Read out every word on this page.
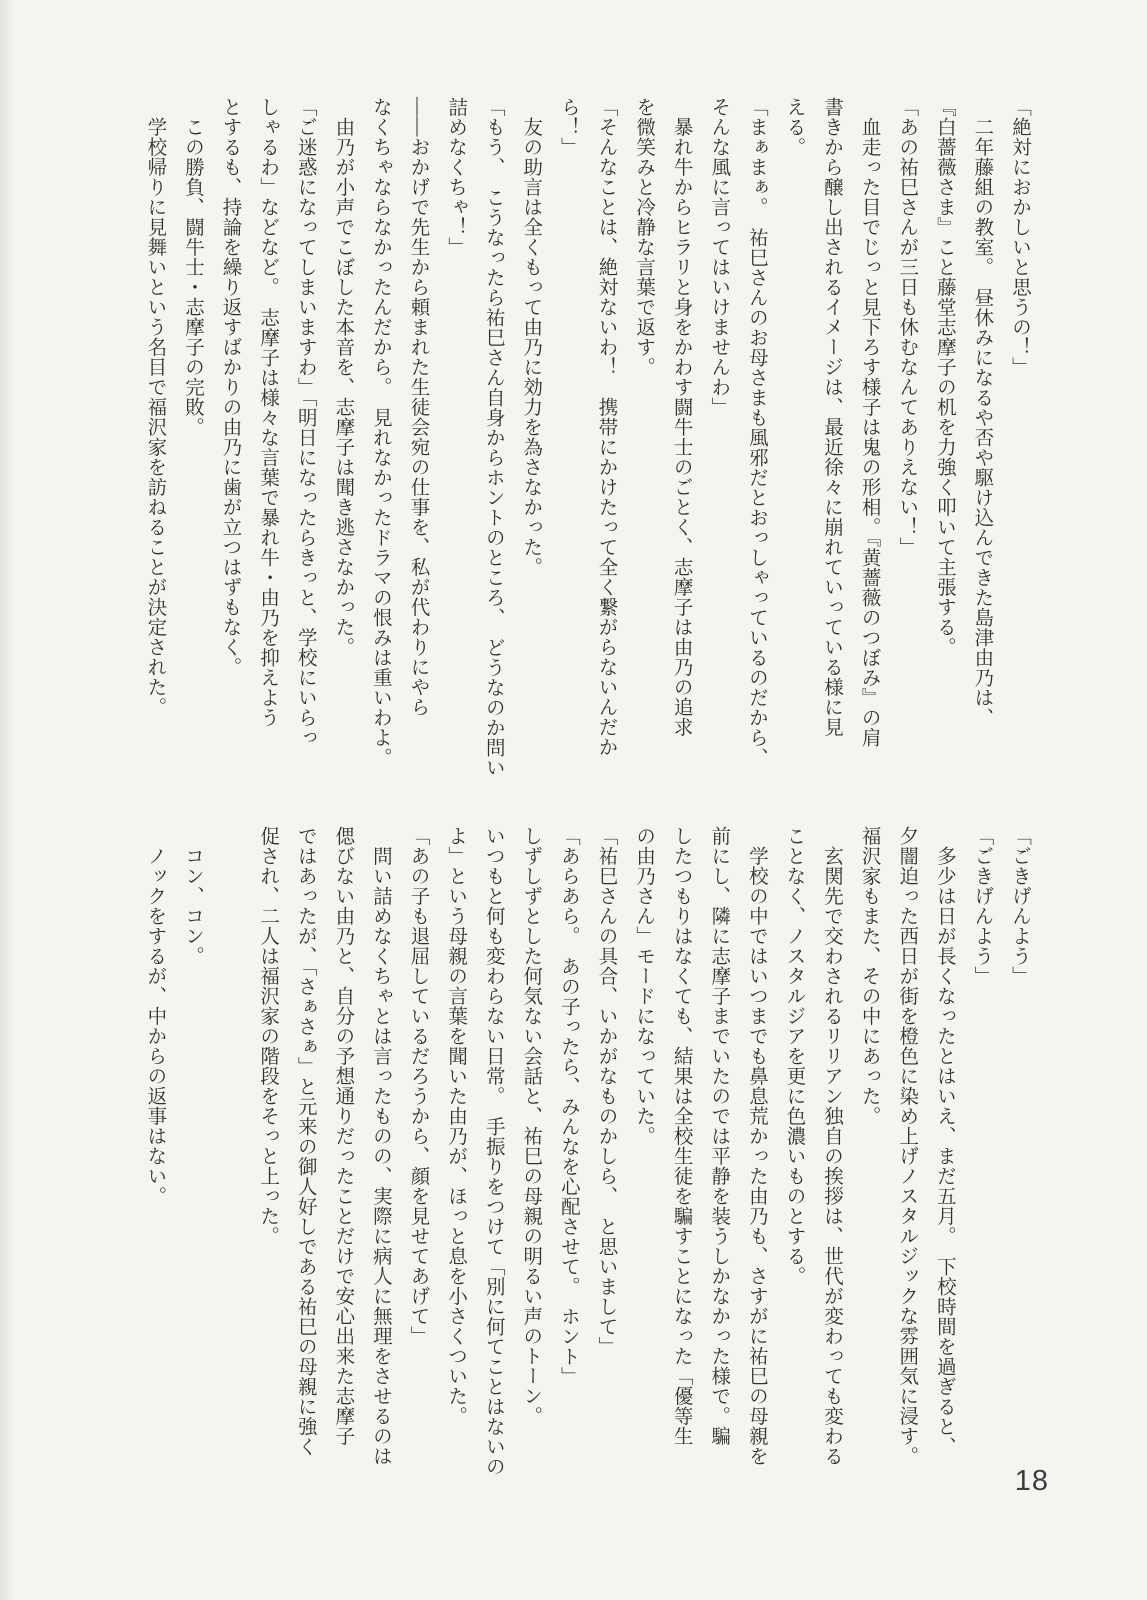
「絶対におかしいと思うの！」
　二年藤組の教室。　昼休みになるや否や駆け込んできた島津由乃は、
『白薔薇さま』こと藤堂志摩子の机を力強く叩いて主張する。
「あの祐巳さんが三日も休むなんてありえない！」
　血走った目でじっと見下ろす様子は鬼の形相。『黄薔薇のつぼみ』の肩
書きから醸し出されるイメージは、最近徐々に崩れていっている様に見
える。
「まぁまぁ。　祐巳さんのお母さまも風邪だとおっしゃっているのだから、
そんな風に言ってはいけませんわ」
　暴れ牛からヒラリと身をかわす闘牛士のごとく、志摩子は由乃の追求
を微笑みと冷静な言葉で返す。
「そんなことは、絶対ないわ！　携帯にかけたって全く繋がらないんだか
ら！」
　友の助言は全くもって由乃に効力を為さなかった。
「もう、　こうなったら祐巳さん自身からホントのところ、　どうなのか問い
詰めなくちゃ！」
――おかげで先生から頼まれた生徒会宛の仕事を、私が代わりにやら
なくちゃならなかったんだから。　見れなかったドラマの恨みは重いわよ。
　由乃が小声でこぼした本音を、志摩子は聞き逃さなかった。
「ご迷惑になってしまいますわ」「明日になったらきっと、学校にいらっ
しゃるわ」などなど。　志摩子は様々な言葉で暴れ牛・由乃を抑えよう
とするも、持論を繰り返すばかりの由乃に歯が立つはずもなく。
　この勝負、闘牛士・志摩子の完敗。
　学校帰りに見舞いという名目で福沢家を訪ねることが決定された。
「ごきげんよう」
「ごきげんよう」
　多少は日が長くなったとはいえ、まだ五月。　下校時間を過ぎると、
夕闇迫った西日が街を橙色に染め上げノスタルジックな雰囲気に浸す。
福沢家もまた、その中にあった。
　玄関先で交わされるリリアン独自の挨拶は、世代が変わっても変わる
ことなく、ノスタルジアを更に色濃いものとする。
　学校の中ではいつまでも鼻息荒かった由乃も、さすがに祐巳の母親を
前にし、隣に志摩子までいたのでは平静を装うしかなかった様で。騙
したつもりはなくても、結果は全校生徒を騙すことになった「優等生
の由乃さん」モードになっていた。
「祐巳さんの具合、いかがなものかしら、　と思いまして」
「あらあら。　あの子ったら、みんなを心配させて。　ホント」
しずしずとした何気ない会話と、祐巳の母親の明るい声のトーン。
いつもと何も変わらない日常。　手振りをつけて「別に何てことはないの
よ」という母親の言葉を聞いた由乃が、ほっと息を小さくついた。
「あの子も退屈しているだろうから、顔を見せてあげて」
　問い詰めなくちゃとは言ったものの、実際に病人に無理をさせるのは
偲びない由乃と、自分の予想通りだったことだけで安心出来た志摩子
ではあったが、「さぁさぁ」と元来の御人好しである祐巳の母親に強く
促され、二人は福沢家の階段をそっと上った。

　コン、コン。
　ノックをするが、中からの返事はない。
18
